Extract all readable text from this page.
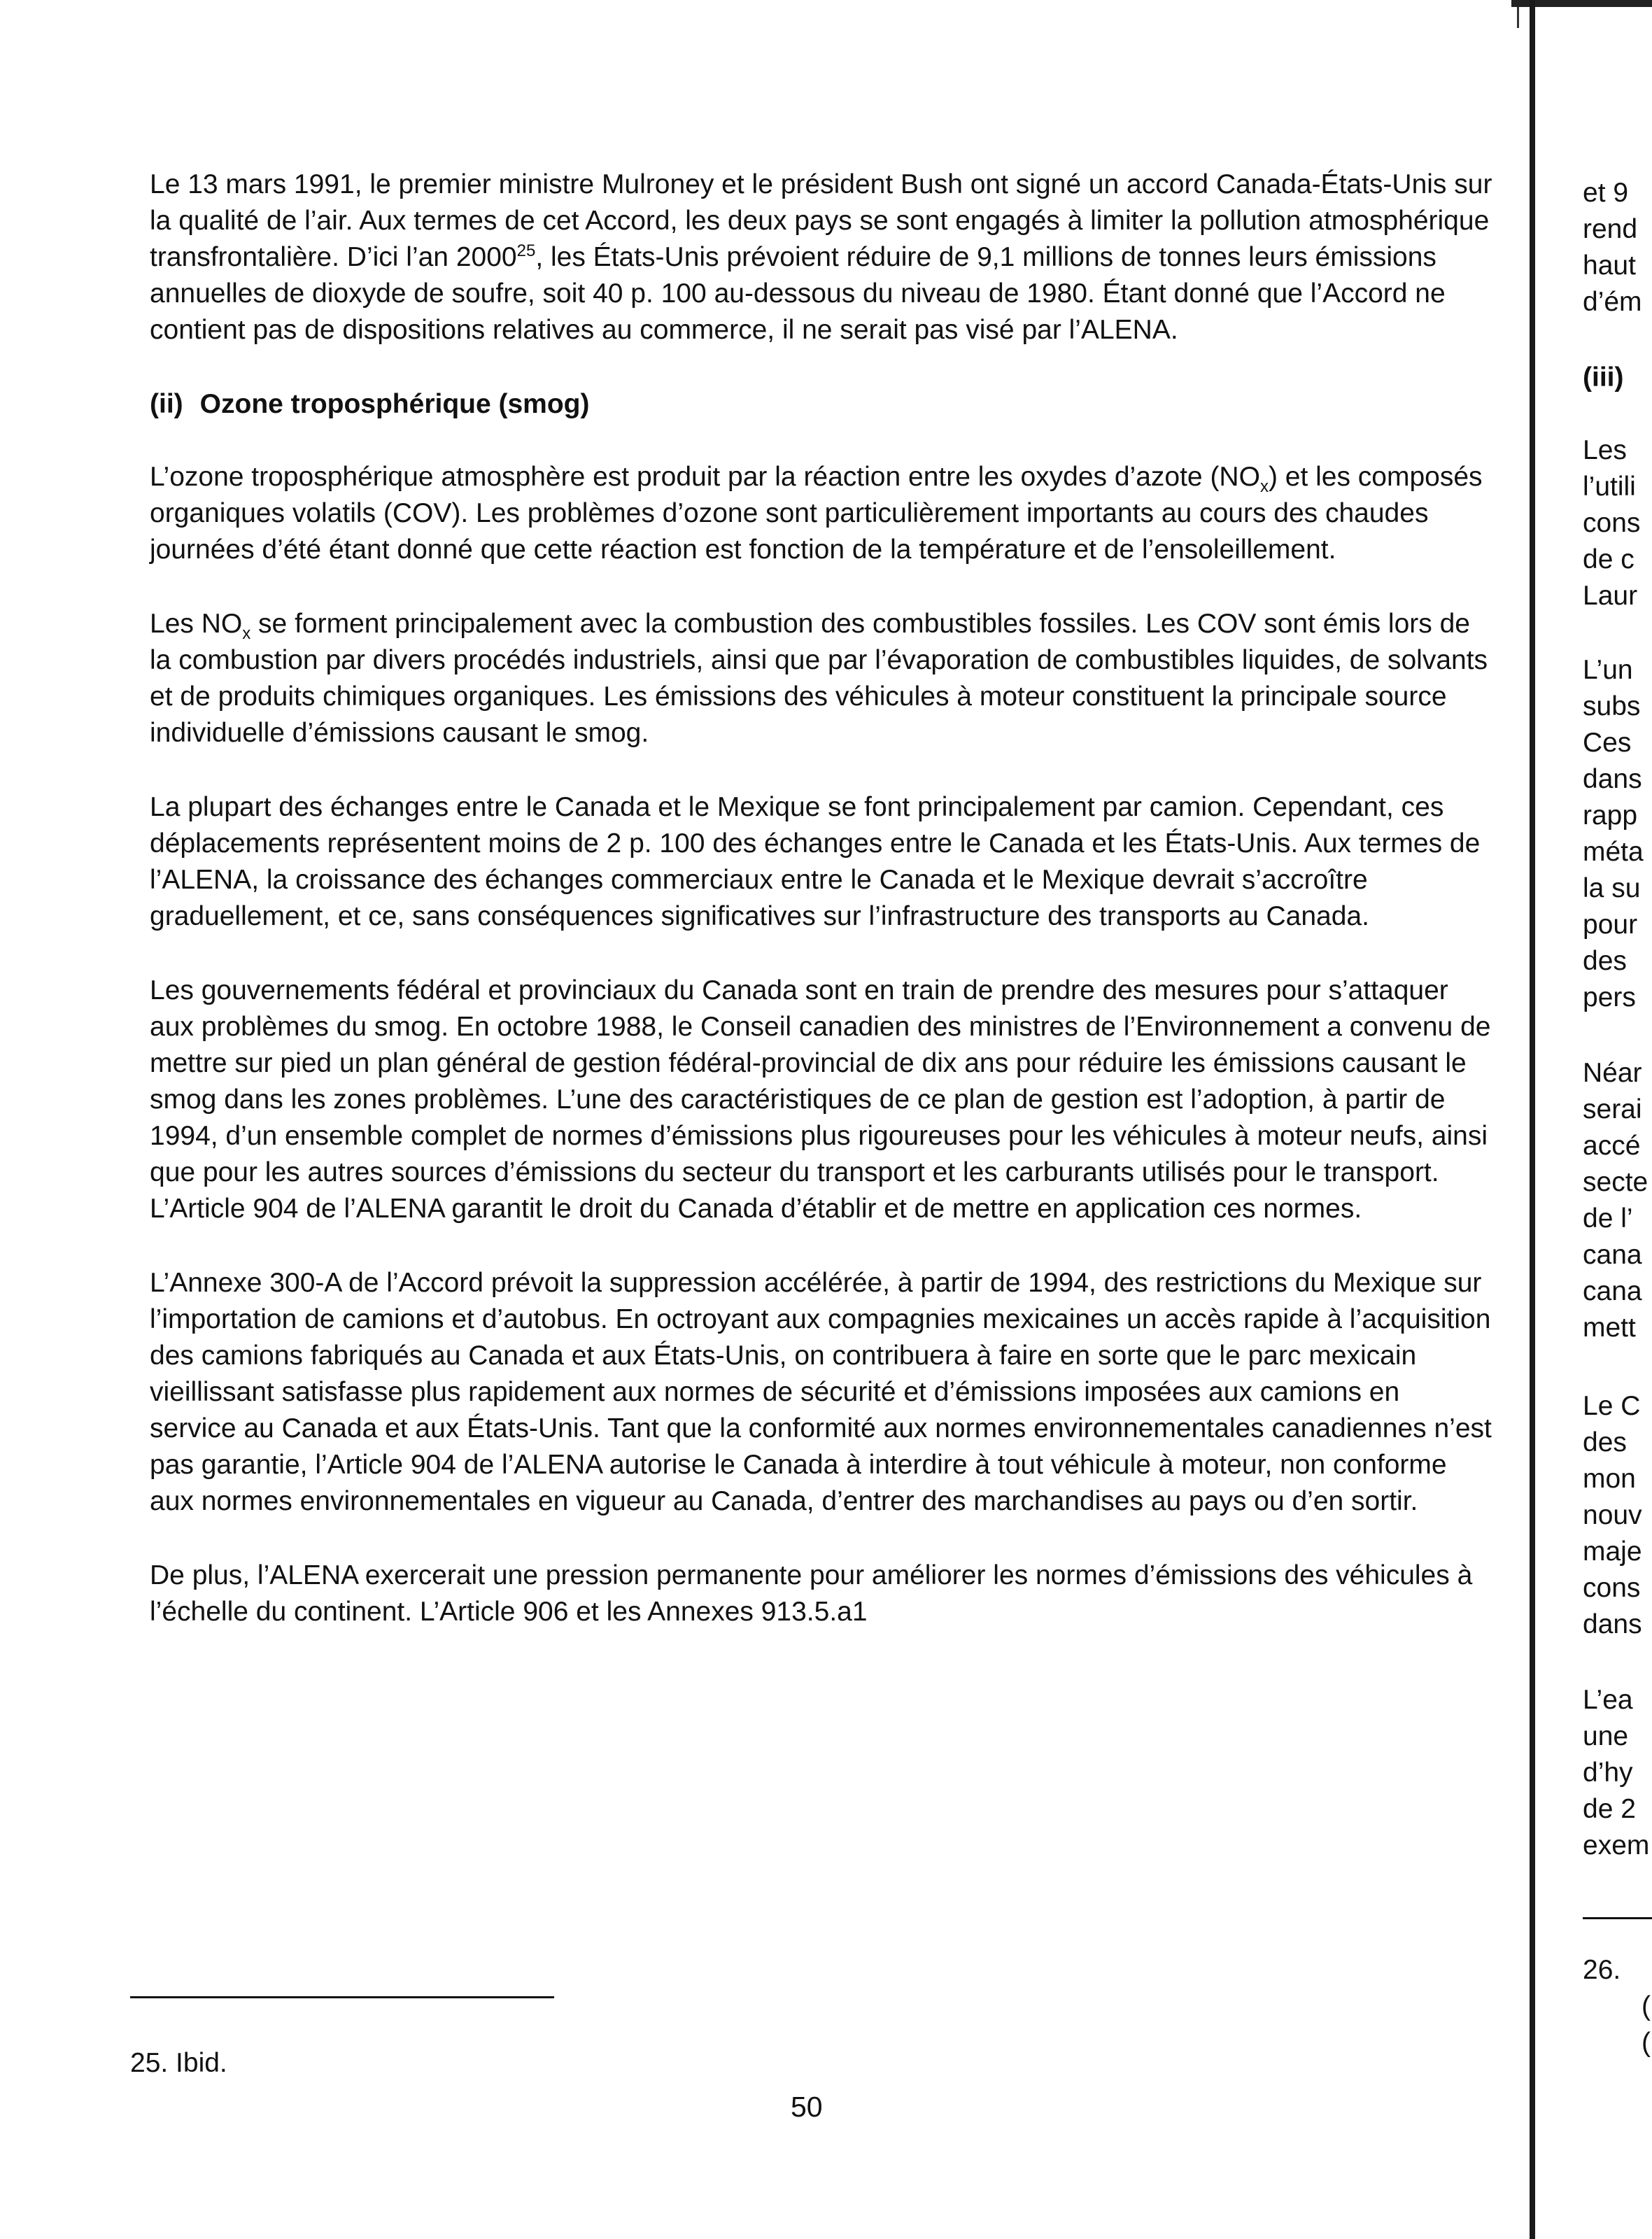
Le 13 mars 1991, le premier ministre Mulroney et le président Bush ont signé un accord Canada-États-Unis sur la qualité de l’air. Aux termes de cet Accord, les deux pays se sont engagés à limiter la pollution atmosphérique transfrontalière. D’ici l’an 2000$^{25}$, les États-Unis prévoient réduire de 9,1 millions de tonnes leurs émissions annuelles de dioxyde de soufre, soit 40 p. 100 au-dessous du niveau de 1980. Étant donné que l’Accord ne contient pas de dispositions relatives au commerce, il ne serait pas visé par l’ALENA.

(ii) Ozone troposphérique (smog)

L’ozone troposphérique atmosphère est produit par la réaction entre les oxydes d’azote $(NO_x)$ et les composés organiques volatils (COV). Les problèmes d’ozone sont particulièrement importants au cours des chaudes journées d’été étant donné que cette réaction est fonction de la température et de l’ensoleillement.

Les $NO_x$ se forment principalement avec la combustion des combustibles fossiles. Les COV sont émis lors de la combustion par divers procédés industriels, ainsi que par l’évaporation de combustibles liquides, de solvants et de produits chimiques organiques. Les émissions des véhicules à moteur constituent la principale source individuelle d’émissions causant le smog.

La plupart des échanges entre le Canada et le Mexique se font principalement par camion. Cependant, ces déplacements représentent moins de 2 p. 100 des échanges entre le Canada et les États-Unis. Aux termes de l’ALENA, la croissance des échanges commerciaux entre le Canada et le Mexique devrait s’accroître graduellement, et ce, sans conséquences significatives sur l’infrastructure des transports au Canada.

Les gouvernements fédéral et provinciaux du Canada sont en train de prendre des mesures pour s’attaquer aux problèmes du smog. En octobre 1988, le Conseil canadien des ministres de l’Environnement a convenu de mettre sur pied un plan général de gestion fédéral-provincial de dix ans pour réduire les émissions causant le smog dans les zones problèmes. L’une des caractéristiques de ce plan de gestion est l’adoption, à partir de 1994, d’un ensemble complet de normes d’émissions plus rigoureuses pour les véhicules à moteur neufs, ainsi que pour les autres sources d’émissions du secteur du transport et les carburants utilisés pour le transport. L’Article 904 de l’ALENA garantit le droit du Canada d’établir et de mettre en application ces normes.

L’Annexe 300-A de l’Accord prévoit la suppression accélérée, à partir de 1994, des restrictions du Mexique sur l’importation de camions et d’autobus. En octroyant aux compagnies mexicaines un accès rapide à l’acquisition des camions fabriqués au Canada et aux États-Unis, on contribuera à faire en sorte que le parc mexicain vieillissant satisfasse plus rapidement aux normes de sécurité et d’émissions imposées aux camions en service au Canada et aux États-Unis. Tant que la conformité aux normes environnementales canadiennes n’est pas garantie, l’Article 904 de l’ALENA autorise le Canada à interdire à tout véhicule à moteur, non conforme aux normes environnementales en vigueur au Canada, d’entrer des marchandises au pays ou d’en sortir.

De plus, l’ALENA exercerait une pression permanente pour améliorer les normes d’émissions des véhicules à l’échelle du continent. L’Article 906 et les Annexes 913.5.a1

25. Ibid.
50
et 9
rend
haut
d’ém
(iii)
Les
l’utili
cons
de c
Laur
L’un
subs
Ces
dans
rapp
méta
la su
pour
des
pers
Néar
serai
accé
secte
de l’
cana
cana
mett
Le C
des
mon
nouv
maje
cons
dans
L’ea
une
d’hy
de 2
exem
26.
(
(
